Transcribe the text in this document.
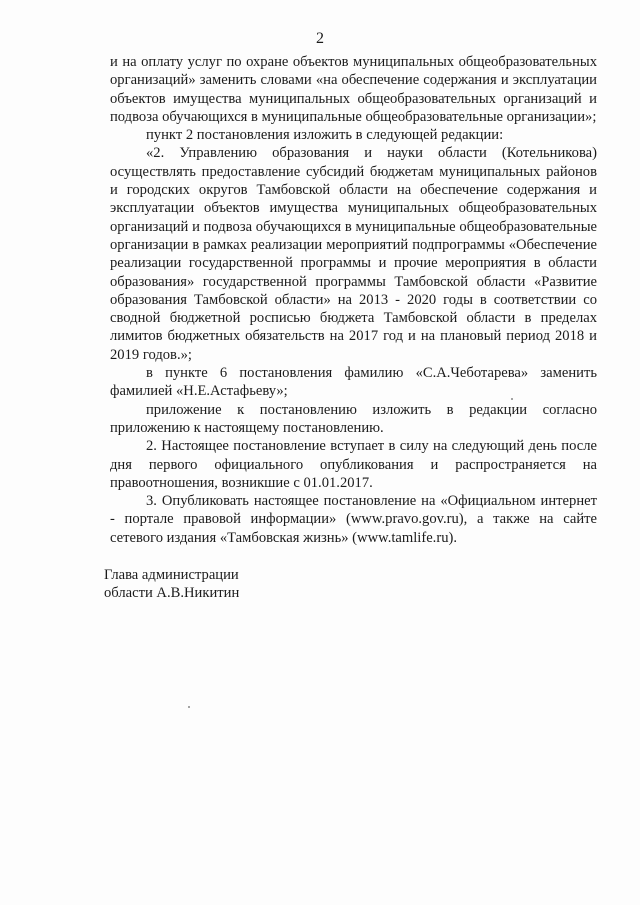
2

и на оплату услуг по охране объектов муниципальных общеобразовательных организаций» заменить словами «на обеспечение содержания и эксплуатации объектов имущества муниципальных общеобразовательных организаций и подвоза обучающихся в муниципальные общеобразовательные организации»;

пункт 2 постановления изложить в следующей редакции:

«2. Управлению образования и науки области (Котельникова) осуществлять предоставление субсидий бюджетам муниципальных районов и городских округов Тамбовской области на обеспечение содержания и эксплуатации объектов имущества муниципальных общеобразовательных организаций и подвоза обучающихся в муниципальные общеобразовательные организации в рамках реализации мероприятий подпрограммы «Обеспечение реализации государственной программы и прочие мероприятия в области образования» государственной программы Тамбовской области «Развитие образования Тамбовской области» на 2013 - 2020 годы в соответствии со сводной бюджетной росписью бюджета Тамбовской области в пределах лимитов бюджетных обязательств на 2017 год и на плановый период 2018 и 2019 годов.»;

в пункте 6 постановления фамилию «С.А.Чеботарева» заменить фамилией «Н.Е.Астафьеву»;

приложение к постановлению изложить в редакции согласно приложению к настоящему постановлению.

2. Настоящее постановление вступает в силу на следующий день после дня первого официального опубликования и распространяется на правоотношения, возникшие с 01.01.2017.

3. Опубликовать настоящее постановление на «Официальном интернет - портале правовой информации» (www.pravo.gov.ru), а также на сайте сетевого издания «Тамбовская жизнь» (www.tamlife.ru).

Глава администрации
области А.В.Никитин
